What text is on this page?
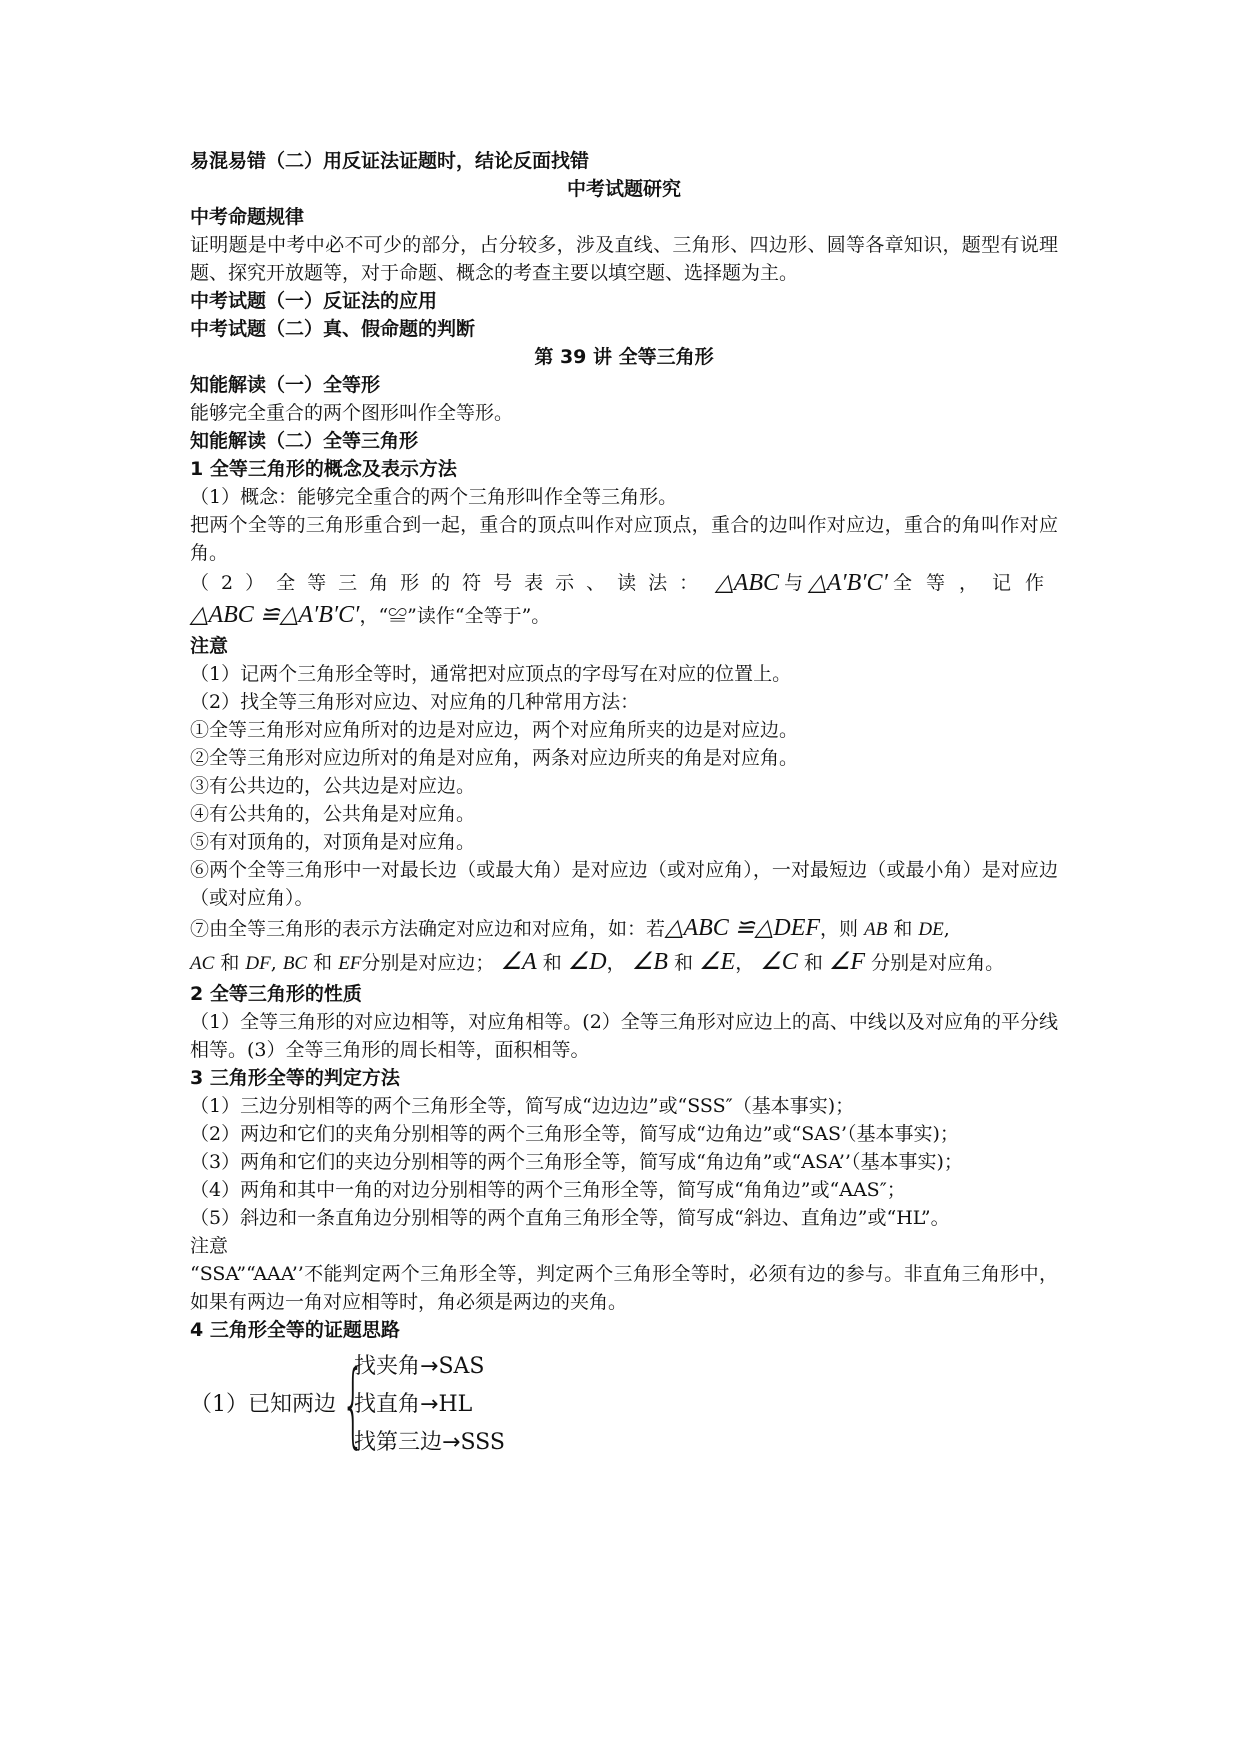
易混易错（二）用反证法证题时，结论反面找错
中考试题研究
中考命题规律
证明题是中考中必不可少的部分，占分较多，涉及直线、三角形、四边形、圆等各章知识，题型有说理题、探究开放题等，对于命题、概念的考查主要以填空题、选择题为主。
中考试题（一）反证法的应用
中考试题（二）真、假命题的判断
第 39 讲 全等三角形
知能解读（一）全等形
能够完全重合的两个图形叫作全等形。
知能解读（二）全等三角形
1 全等三角形的概念及表示方法
（1）概念：能够完全重合的两个三角形叫作全等三角形。
把两个全等的三角形重合到一起，重合的顶点叫作对应顶点，重合的边叫作对应边，重合的角叫作对应角。
（2）全等三角形的符号表示、读法： △ABC 与 △A′B′C′ 全等，记作
△ABC ≌△A′B′C′，“≌”读作“全等于”。
注意
（1）记两个三角形全等时，通常把对应顶点的字母写在对应的位置上。
（2）找全等三角形对应边、对应角的几种常用方法：
①全等三角形对应角所对的边是对应边，两个对应角所夹的边是对应边。
②全等三角形对应边所对的角是对应角，两条对应边所夹的角是对应角。
③有公共边的，公共边是对应边。
④有公共角的，公共角是对应角。
⑤有对顶角的，对顶角是对应角。
⑥两个全等三角形中一对最长边（或最大角）是对应边（或对应角），一对最短边（或最小角）是对应边（或对应角）。
⑦由全等三角形的表示方法确定对应边和对应角，如：若△ABC ≌△DEF，则 AB 和 DE,
AC 和 DF, BC 和 EF分别是对应边； ∠A 和 ∠D， ∠B 和 ∠E， ∠C 和 ∠F 分别是对应角。
2 全等三角形的性质
（1）全等三角形的对应边相等，对应角相等。(2）全等三角形对应边上的高、中线以及对应角的平分线相等。(3）全等三角形的周长相等，面积相等。
3 三角形全等的判定方法
（1）三边分别相等的两个三角形全等，简写成“边边边”或“SSS″（基本事实)；
（2）两边和它们的夹角分别相等的两个三角形全等，简写成“边角边”或“SAS’（基本事实)；
（3）两角和它们的夹边分别相等的两个三角形全等，简写成“角边角”或“ASA’’（基本事实)；
（4）两角和其中一角的对边分别相等的两个三角形全等，简写成“角角边”或“AAS″；
（5）斜边和一条直角边分别相等的两个直角三角形全等，简写成“斜边、直角边”或“HL”。
注意
“SSA”“AAA’’不能判定两个三角形全等，判定两个三角形全等时，必须有边的参与。非直角三角形中，如果有两边一角对应相等时，角必须是两边的夹角。
4 三角形全等的证题思路
（1）已知两边 {
找夹角→SAS
找直角→HL
找第三边→SSS
